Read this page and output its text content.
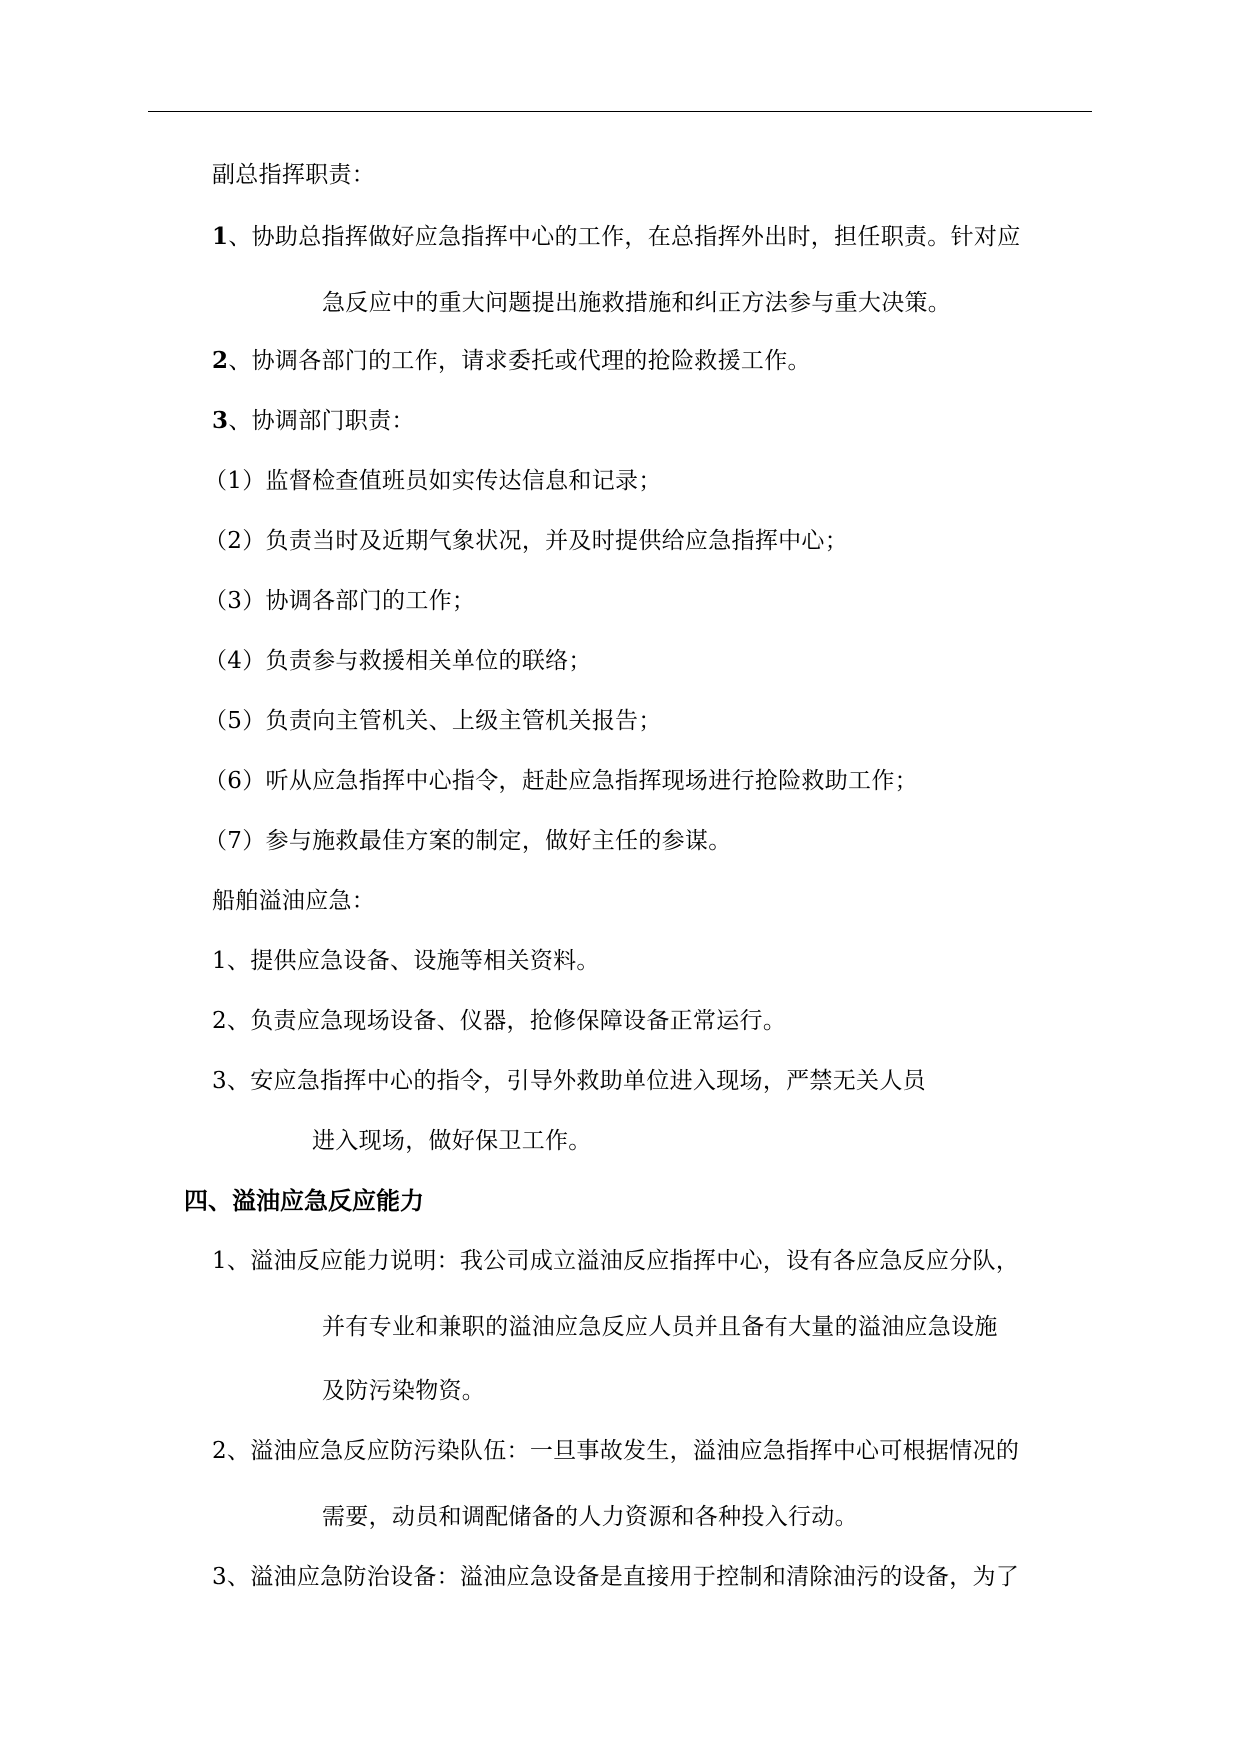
副总指挥职责：
1、协助总指挥做好应急指挥中心的工作，在总指挥外出时，担任职责。针对应
急反应中的重大问题提出施救措施和纠正方法参与重大决策。
2、协调各部门的工作，请求委托或代理的抢险救援工作。
3、协调部门职责：
（1）监督检查值班员如实传达信息和记录；
（2）负责当时及近期气象状况，并及时提供给应急指挥中心；
（3）协调各部门的工作；
（4）负责参与救援相关单位的联络；
（5）负责向主管机关、上级主管机关报告；
（6）听从应急指挥中心指令，赶赴应急指挥现场进行抢险救助工作；
（7）参与施救最佳方案的制定，做好主任的参谋。
船舶溢油应急：
1、提供应急设备、设施等相关资料。
2、负责应急现场设备、仪器，抢修保障设备正常运行。
3、安应急指挥中心的指令，引导外救助单位进入现场，严禁无关人员
进入现场，做好保卫工作。
四、溢油应急反应能力
1、溢油反应能力说明：我公司成立溢油反应指挥中心，设有各应急反应分队，
并有专业和兼职的溢油应急反应人员并且备有大量的溢油应急设施
及防污染物资。
2、溢油应急反应防污染队伍：一旦事故发生，溢油应急指挥中心可根据情况的
需要，动员和调配储备的人力资源和各种投入行动。
3、溢油应急防治设备：溢油应急设备是直接用于控制和清除油污的设备，为了
